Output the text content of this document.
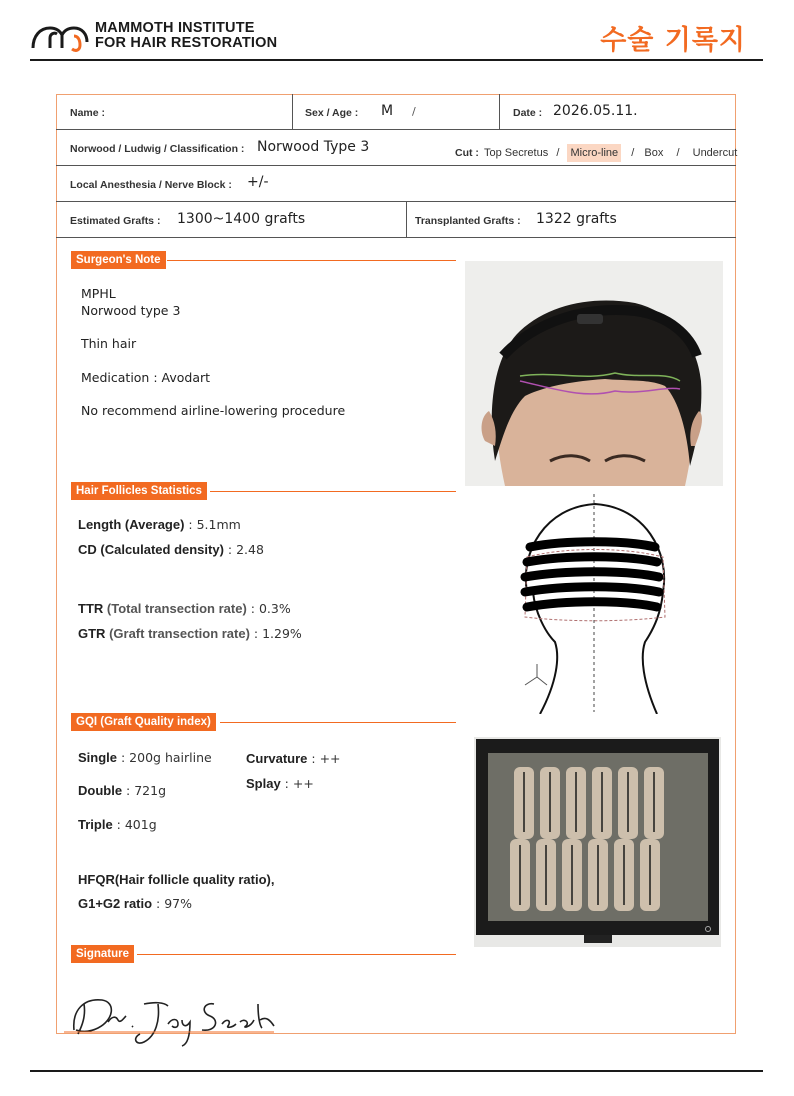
MAMMOTH INSTITUTE
FOR HAIR RESTORATION	수술 기록지
Name :	Sex / Age : M /	Date : 2026.05.11.
Norwood / Ludwig / Classification : Norwood Type 3	Cut : Top Secretus / Micro-line / Box / Undercut
Local Anesthesia / Nerve Block : +/-
Estimated Grafts : 1300~1400 grafts	Transplanted Grafts : 1322 grafts
Surgeon's Note
MPHL
Norwood type 3
Thin hair
Medication : Avodart
No recommend airline-lowering procedure
Hair Follicles Statistics
Length (Average) : 5.1mm
CD (Calculated density) : 2.48
TTR (Total transection rate) : 0.3%
GTR (Graft transection rate) : 1.29%
GQI (Graft Quality index)
Single : 200g hairline
Double : 721g
Triple : 401g
Curvature : ++
Splay : ++
HFQR(Hair follicle quality ratio),
G1+G2 ratio : 97%
Signature
